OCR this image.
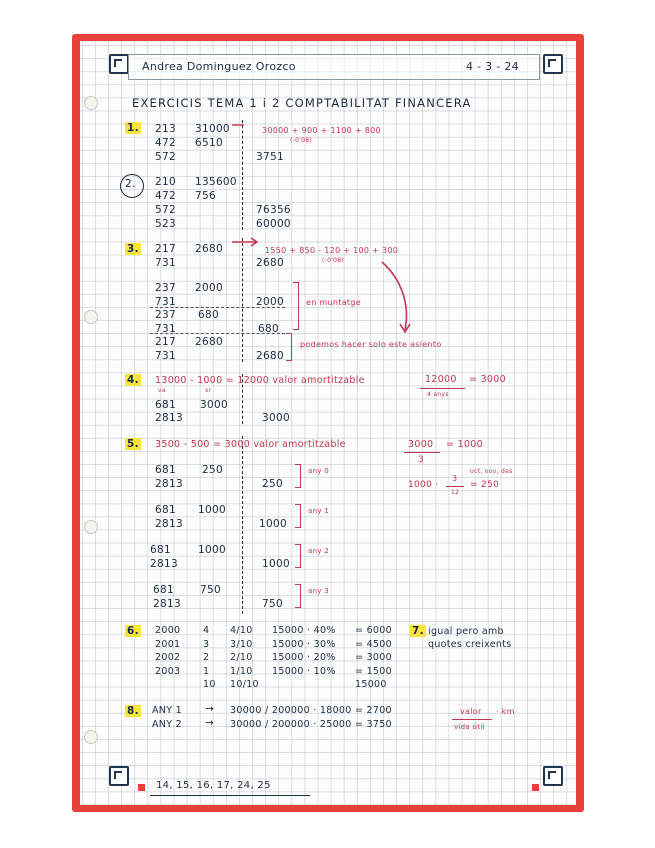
Andrea Dominguez Orozco	4 - 3 - 24
EXERCICIS TEMA 1 i 2 COMPTABILITAT FINANCERA
1. 213 31000
472 6510
572	3751
30000 + 900 + 1100 + 800
(-0'08)
2. 210 135600
472 756
572	76356
523	60000
3. 217 2680
731	2680
1550 + 850 - 120 + 100 + 300
(-0'08)
237 2000
731	2000
237 680
731	680
217 2680
731	2680
en muntatge
podemos hacer solo este asiento
4. 13000 - 1000 = 12000 valor amortitzable
va	vr
12000
4 anys
= 3000
681 3000
2813	3000
5. 3500 - 500 = 3000 valor amortitzable	3000
3
= 1000
oct, nov, des
1000 ·
3
12
= 250
681 250
2813	250
any 0
681 1000
2813	1000
any 1
681	1000
2813	1000
any 2
681 750
2813	750
any 3
6. 2000 4 4/10 15000 · 40% = 6000
2001 3 3/10 15000 · 30% = 4500
2002 2 2/10 15000 · 20% = 3000
2003 1 1/10 15000 · 10% = 1500
10 10/10	15000
7. igual pero amb
quotes creixents
8. ANY 1 → 30000 / 200000 · 18000 = 2700
ANY 2 → 30000 / 200000 · 25000 = 3750
valor
vida útil
· km
14, 15, 16, 17, 24, 25
